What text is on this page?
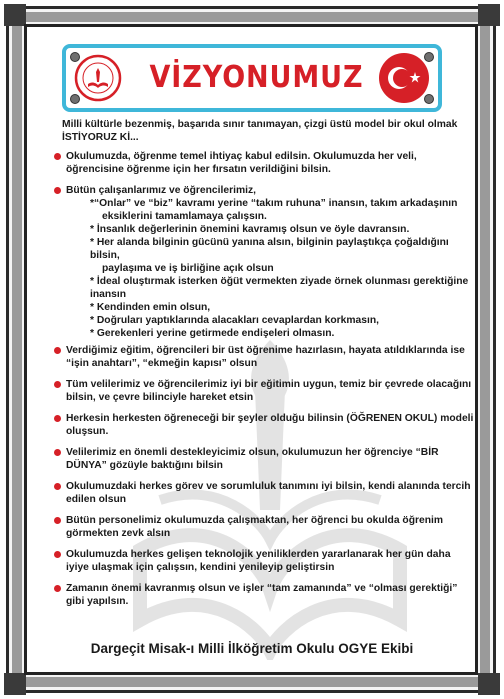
VİZYONUMUZ
Milli kültürle bezenmiş, başarıda sınır tanımayan, çizgi üstü model bir okul olmak İSTİYORUZ Kİ...
Okulumuzda, öğrenme temel ihtiyaç kabul edilsin. Okulumuzda her veli, öğrencisine öğrenme için her fırsatın verildiğini bilsin.
Bütün çalışanlarımız ve öğrencilerimiz,
*“Onlar” ve “biz” kavramı yerine “takım ruhuna” inansın, takım arkadaşının
eksiklerini tamamlamaya çalışsın.
* İnsanlık değerlerinin önemini kavramış olsun ve öyle davransın.
* Her alanda bilginin gücünü yanına alsın, bilginin paylaştıkça çoğaldığını bilsin,
paylaşıma ve iş birliğine açık olsun
* İdeal oluştırmak isterken öğüt vermekten ziyade örnek olunması gerektiğine inansın
* Kendinden emin olsun,
* Doğruları yaptıklarında alacakları cevaplardan korkmasın,
* Gerekenleri yerine getirmede endişeleri olmasın.
Verdiğimiz eğitim, öğrencileri bir üst öğrenime hazırlasın, hayata atıldıklarında ise “işin anahtarı”, “ekmeğin kapısı” olsun
Tüm velilerimiz ve öğrencilerimiz iyi bir eğitimin uygun, temiz bir çevrede olacağını bilsin, ve çevre bilinciyle hareket etsin
Herkesin herkesten öğreneceği bir şeyler olduğu bilinsin (ÖĞRENEN OKUL) modeli oluşsun.
Velilerimiz en önemli destekleyicimiz olsun, okulumuzun her öğrenciye “BİR DÜNYA” gözüyle baktığını bilsin
Okulumuzdaki herkes görev ve sorumluluk tanımını iyi bilsin, kendi alanında tercih edilen olsun
Bütün personelimiz okulumuzda çalışmaktan, her öğrenci bu okulda öğrenim görmekten zevk alsın
Okulumuzda herkes gelişen teknolojik yeniliklerden yararlanarak her gün daha iyiye ulaşmak için çalışsın, kendini yenileyip geliştirsin
Zamanın önemi kavranmış olsun ve işler “tam zamanında” ve “olması gerektiği” gibi yapılsın.
Dargeçit Misak-ı Milli İlköğretim Okulu OGYE Ekibi
